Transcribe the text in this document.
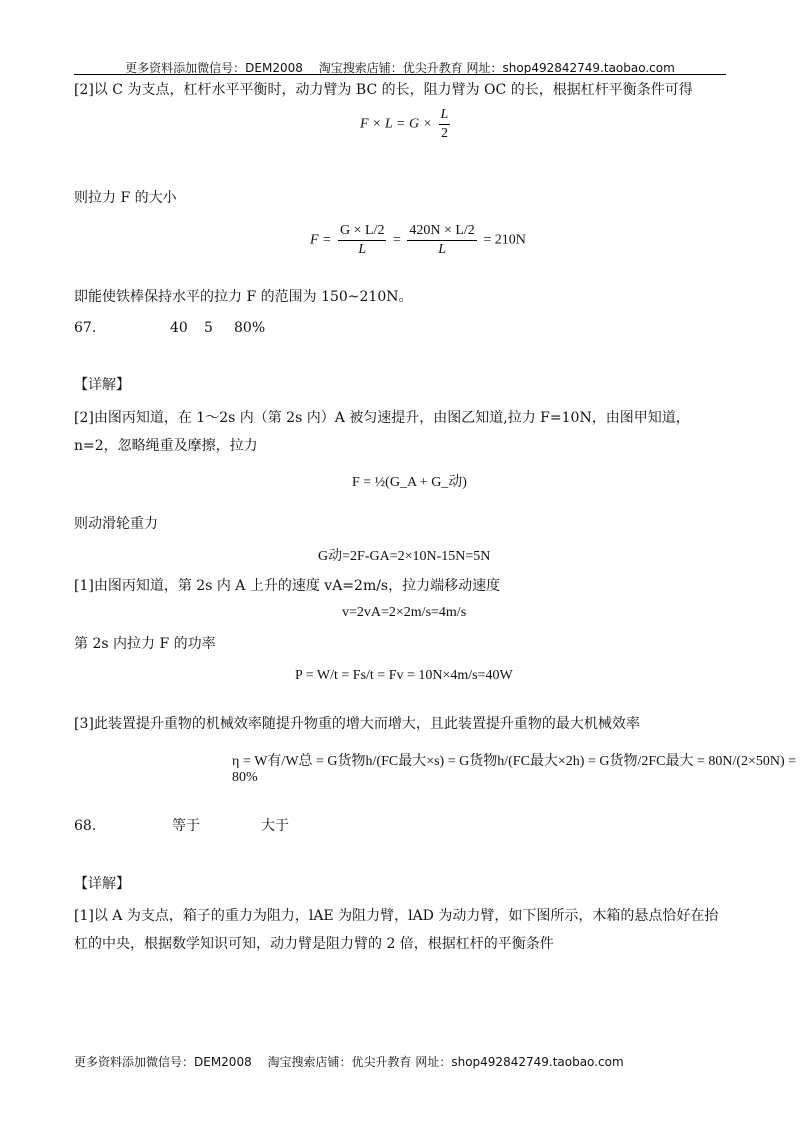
更多资料添加微信号：DEM2008　 淘宝搜索店铺：优尖升教育 网址：shop492842749.taobao.com
[2]以 C 为支点，杠杆水平平衡时，动力臂为 BC 的长，阻力臂为 OC 的长，根据杠杆平衡条件可得
$F \times L = G \times \frac{L}{2}$
则拉力 F 的大小
$F = \frac{G \times L/2}{L} = \frac{420N \times L/2}{L} = 210N$
即能使铁棒保持水平的拉力 F 的范围为 150~210N。
67.	40 5 80%
【详解】
[2]由图丙知道，在 1～2s 内（第 2s 内）A 被匀速提升，由图乙知道,拉力 F=10N，由图甲知道，n=2，忽略绳重及摩擦，拉力
F = ½(G_A + G_动)
则动滑轮重力
G动=2F-GA=2×10N-15N=5N
[1]由图丙知道，第 2s 内 A 上升的速度 vA=2m/s，拉力端移动速度
v=2vA=2×2m/s=4m/s
第 2s 内拉力 F 的功率
P = W/t = Fs/t = Fv = 10N×4m/s=40W
[3]此装置提升重物的机械效率随提升物重的增大而增大，且此装置提升重物的最大机械效率
η = W有/W总 = G货物h/(FC最大×s) = G货物h/(FC最大×2h) = G货物/2FC最大 = 80N/(2×50N) = 80%
68.	等于	大于
【详解】
[1]以 A 为支点，箱子的重力为阻力，lAE 为阻力臂，lAD 为动力臂，如下图所示，木箱的悬点恰好在抬杠的中央，根据数学知识可知，动力臂是阻力臂的 2 倍，根据杠杆的平衡条件
更多资料添加微信号：DEM2008　 淘宝搜索店铺：优尖升教育 网址：shop492842749.taobao.com
